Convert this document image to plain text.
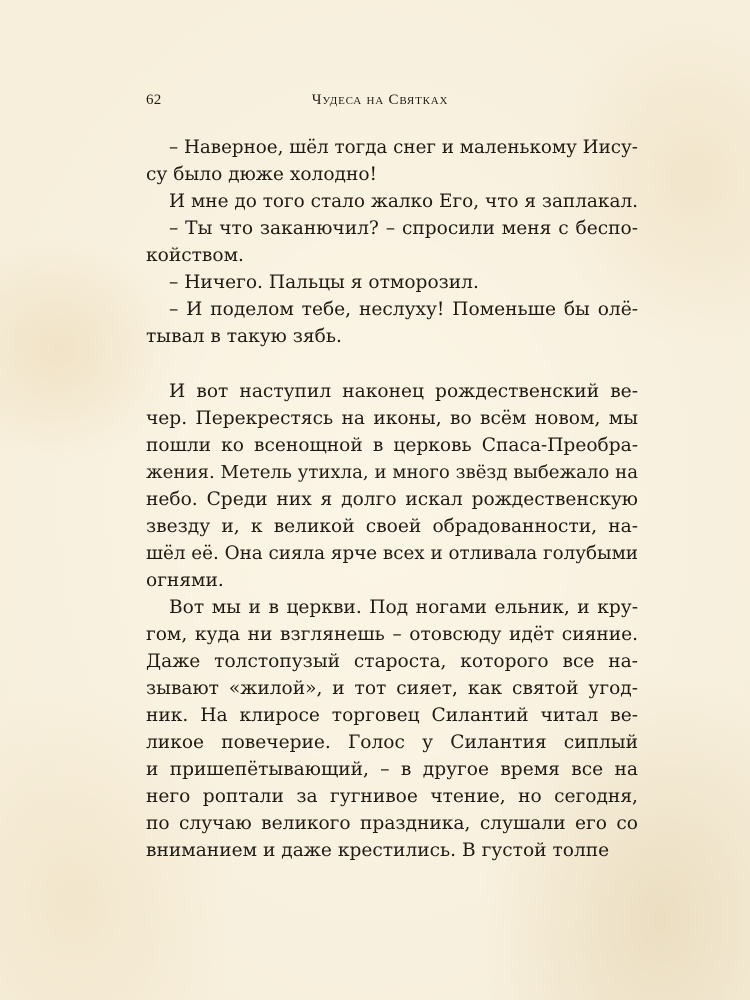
62	Чудеса на Святках
– Наверное, шёл тогда снег и маленькому Иису-
су было дюже холодно!
И мне до того стало жалко Его, что я заплакал.
– Ты что заканючил? – спросили меня с беспо-
койством.
– Ничего. Пальцы я отморозил.
– И поделом тебе, неслуху! Поменьше бы олё-
тывал в такую зябь.
И вот наступил наконец рождественский ве-
чер. Перекрестясь на иконы, во всём новом, мы
пошли ко всенощной в церковь Спаса-Преобра-
жения. Метель утихла, и много звёзд выбежало на
небо. Среди них я долго искал рождественскую
звезду и, к великой своей обрадованности, на-
шёл её. Она сияла ярче всех и отливала голубыми
огнями.
Вот мы и в церкви. Под ногами ельник, и кру-
гом, куда ни взглянешь – отовсюду идёт сияние.
Даже толстопузый староста, которого все на-
зывают «жилой», и тот сияет, как святой угод-
ник. На клиросе торговец Силантий читал ве-
ликое повечерие. Голос у Силантия сиплый
и пришепётывающий, – в другое время все на
него роптали за гугнивое чтение, но сегодня,
по случаю великого праздника, слушали его со
вниманием и даже крестились. В густой толпе
